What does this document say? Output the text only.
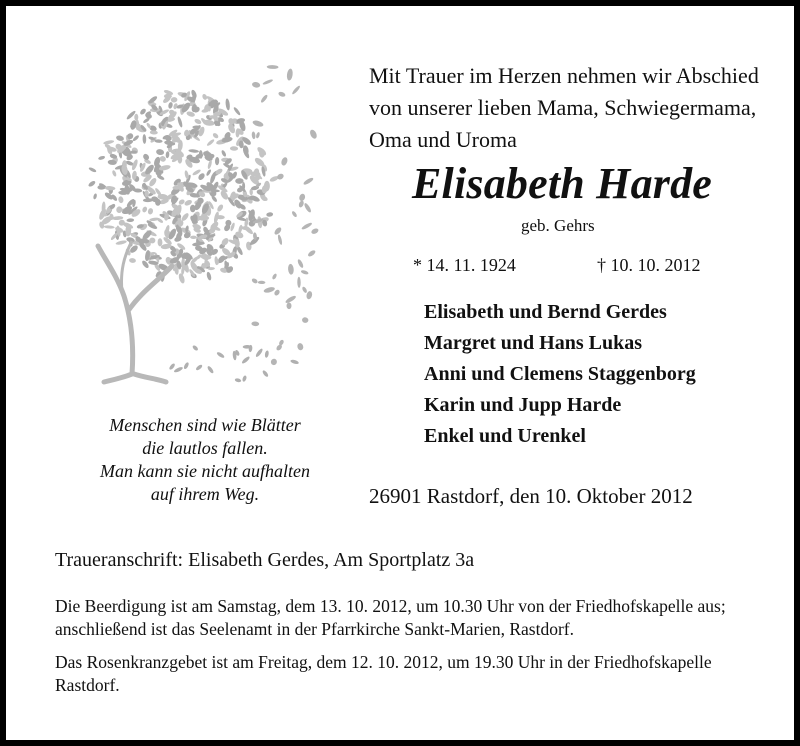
Mit Trauer im Herzen nehmen wir Abschied
von unserer lieben Mama, Schwiegermama,
Oma und Uroma
Elisabeth Harde
geb. Gehrs
* 14. 11. 1924	† 10. 10. 2012
Elisabeth und Bernd Gerdes
Margret und Hans Lukas
Anni und Clemens Staggenborg
Karin und Jupp Harde
Enkel und Urenkel
Menschen sind wie Blätter
die lautlos fallen.
Man kann sie nicht aufhalten
auf ihrem Weg.	26901 Rastdorf, den 10. Oktober 2012
Traueranschrift: Elisabeth Gerdes, Am Sportplatz 3a
Die Beerdigung ist am Samstag, dem 13. 10. 2012, um 10.30 Uhr von der Friedhofskapelle aus; anschließend ist das Seelenamt in der Pfarrkirche Sankt-Marien, Rastdorf.
Das Rosenkranzgebet ist am Freitag, dem 12. 10. 2012, um 19.30 Uhr in der Friedhofskapelle Rastdorf.
